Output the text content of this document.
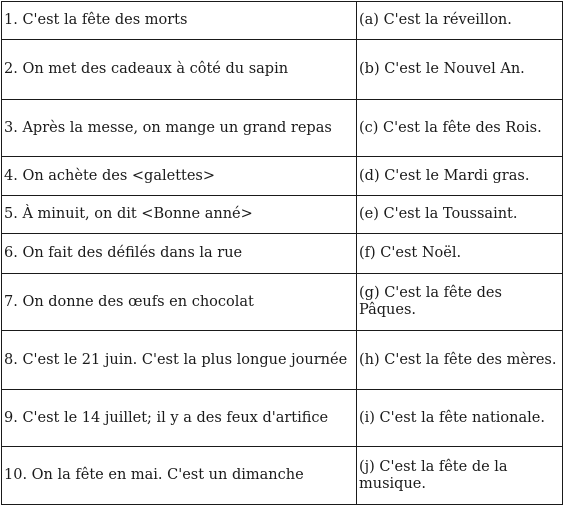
1. C'est la fête des morts	(a) C'est la réveillon.
2. On met des cadeaux à côté du sapin	(b) C'est le Nouvel An.
3. Après la messe, on mange un grand repas	(c) C'est la fête des Rois.
4. On achète des <galettes>	(d) C'est le Mardi gras.
5. À minuit, on dit <Bonne anné>	(e) C'est la Toussaint.
6. On fait des défilés dans la rue	(f) C'est Noël.
7. On donne des œufs en chocolat	(g) C'est la fête des Pâques.
8. C'est le 21 juin. C'est la plus longue journée	(h) C'est la fête des mères.
9. C'est le 14 juillet; il y a des feux d'artifice	(i) C'est la fête nationale.
10. On la fête en mai. C'est un dimanche	(j) C'est la fête de la musique.
